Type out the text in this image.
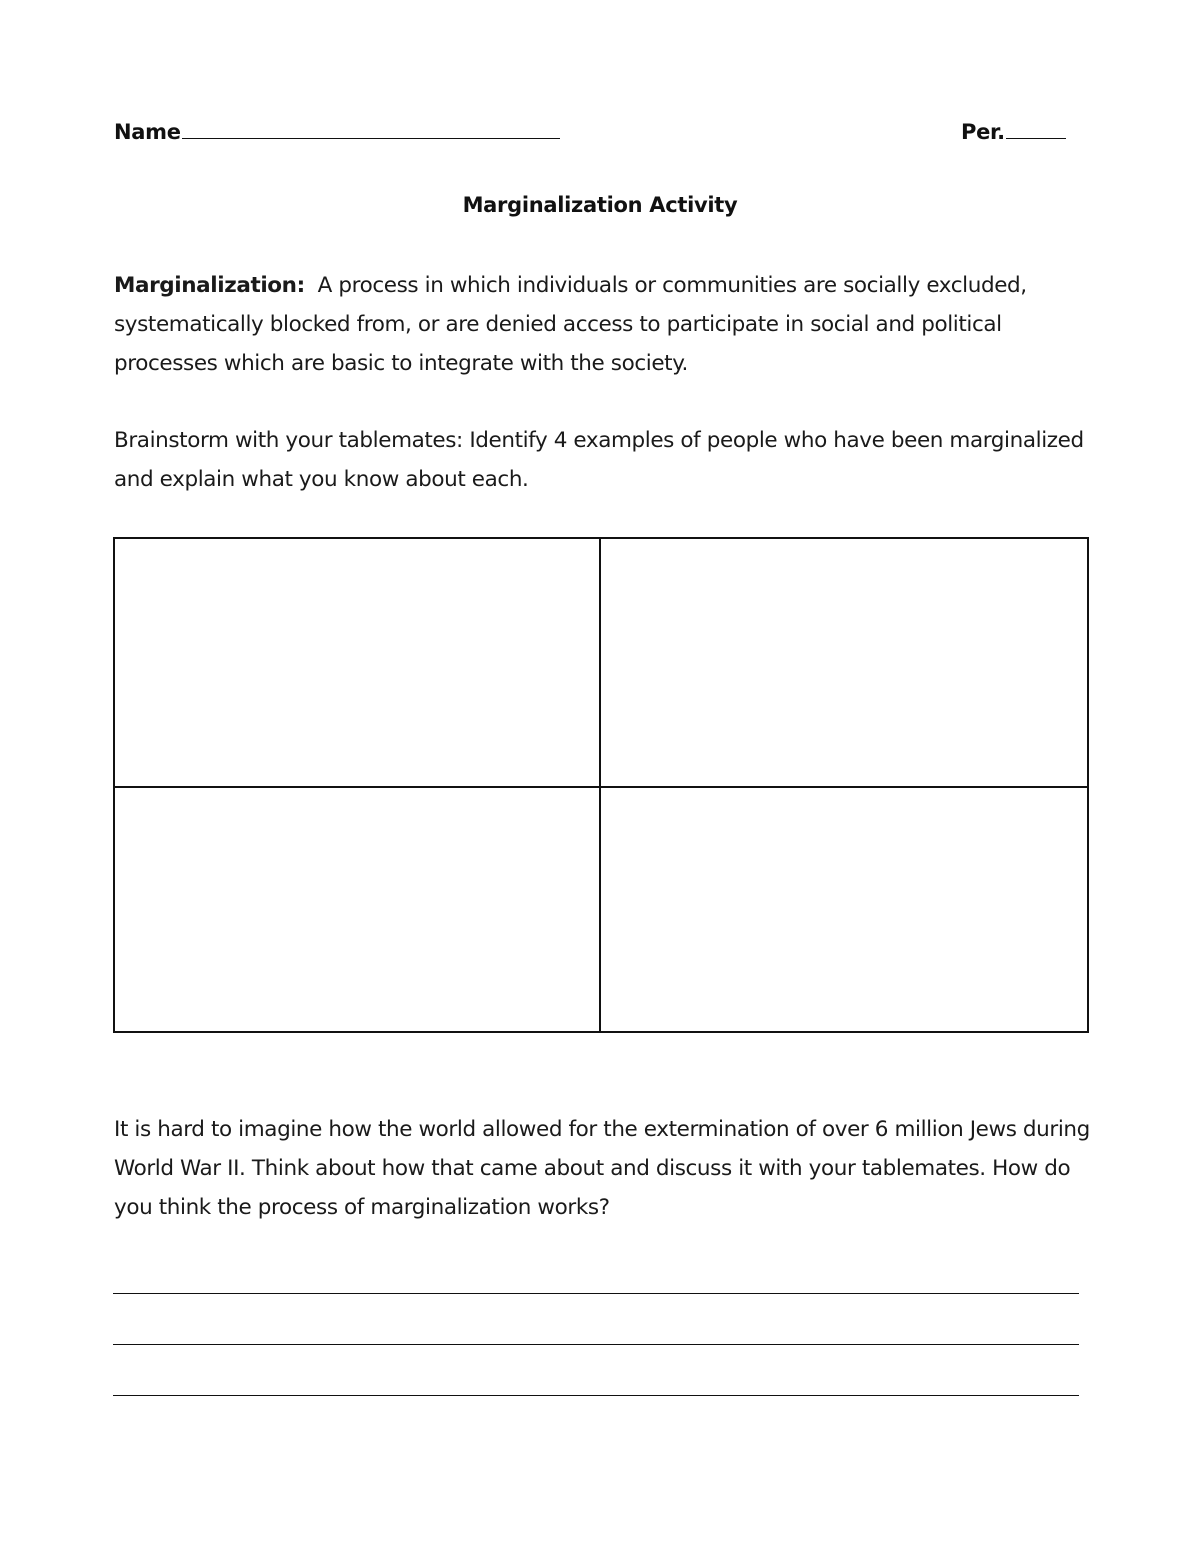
Name	Per.
Marginalization Activity
Marginalization: A process in which individuals or communities are socially excluded, systematically blocked from, or are denied access to participate in social and political processes which are basic to integrate with the society.
Brainstorm with your tablemates: Identify 4 examples of people who have been marginalized and explain what you know about each.
It is hard to imagine how the world allowed for the extermination of over 6 million Jews during World War II. Think about how that came about and discuss it with your tablemates. How do you think the process of marginalization works?
